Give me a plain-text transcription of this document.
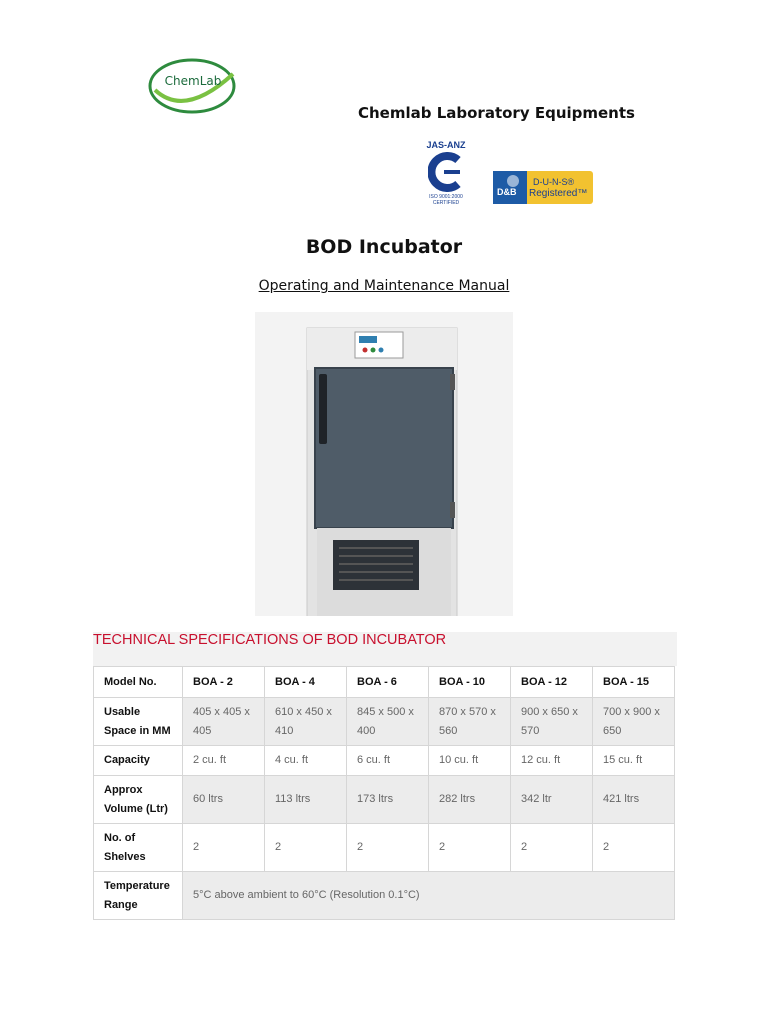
ChemLab
Chemlab Laboratory Equipments
JAS-ANZ
ISO 9001:2000
CERTIFIED
D&B
D-U-N-S®
Registered™
BOD Incubator
Operating and Maintenance Manual
TECHNICAL SPECIFICATIONS OF BOD INCUBATOR
Model No.	BOA - 2	BOA - 4	BOA - 6	BOA - 10	BOA - 12	BOA - 15
Usable Space in MM	405 x 405 x 405	610 x 450 x 410	845 x 500 x 400	870 x 570 x 560	900 x 650 x 570	700 x 900 x 650
Capacity	2 cu. ft	4 cu. ft	6 cu. ft	10 cu. ft	12 cu. ft	15 cu. ft
Approx Volume (Ltr)	60 ltrs	113 ltrs	173 ltrs	282 ltrs	342 ltr	421 ltrs
No. of Shelves	2	2	2	2	2	2
Temperature Range	5°C above ambient to 60°C (Resolution 0.1°C)					
